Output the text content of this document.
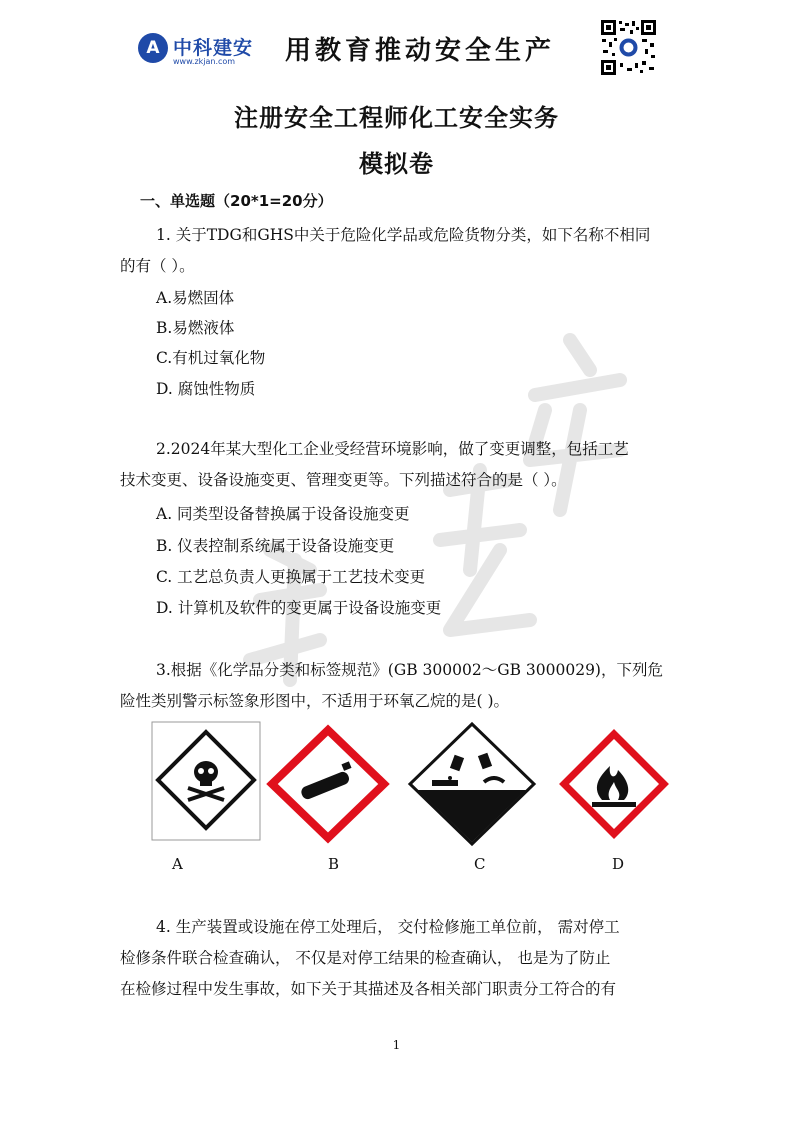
A 中科建安
www.zkjan.com 用教育推动安全生产
注册安全工程师化工安全实务
模拟卷
一、单选题（20*1=20分）
1. 关于TDG和GHS中关于危险化学品或危险货物分类，如下名称不相同
的有（ ）。
A.易燃固体
B.易燃液体
C.有机过氧化物
D. 腐蚀性物质
2.2024年某大型化工企业受经营环境影响，做了变更调整，包括工艺
技术变更、设备设施变更、管理变更等。下列描述符合的是（ ）。
A. 同类型设备替换属于设备设施变更
B. 仪表控制系统属于设备设施变更
C. 工艺总负责人更换属于工艺技术变更
D. 计算机及软件的变更属于设备设施变更
3.根据《化学品分类和标签规范》(GB 300002～GB 3000029)，下列危
险性类别警示标签象形图中，不适用于环氧乙烷的是( )。
A	B	C	D
4. 生产装置或设施在停工处理后， 交付检修施工单位前， 需对停工
检修条件联合检查确认， 不仅是对停工结果的检查确认， 也是为了防止
在检修过程中发生事故，如下关于其描述及各相关部门职责分工符合的有
1
